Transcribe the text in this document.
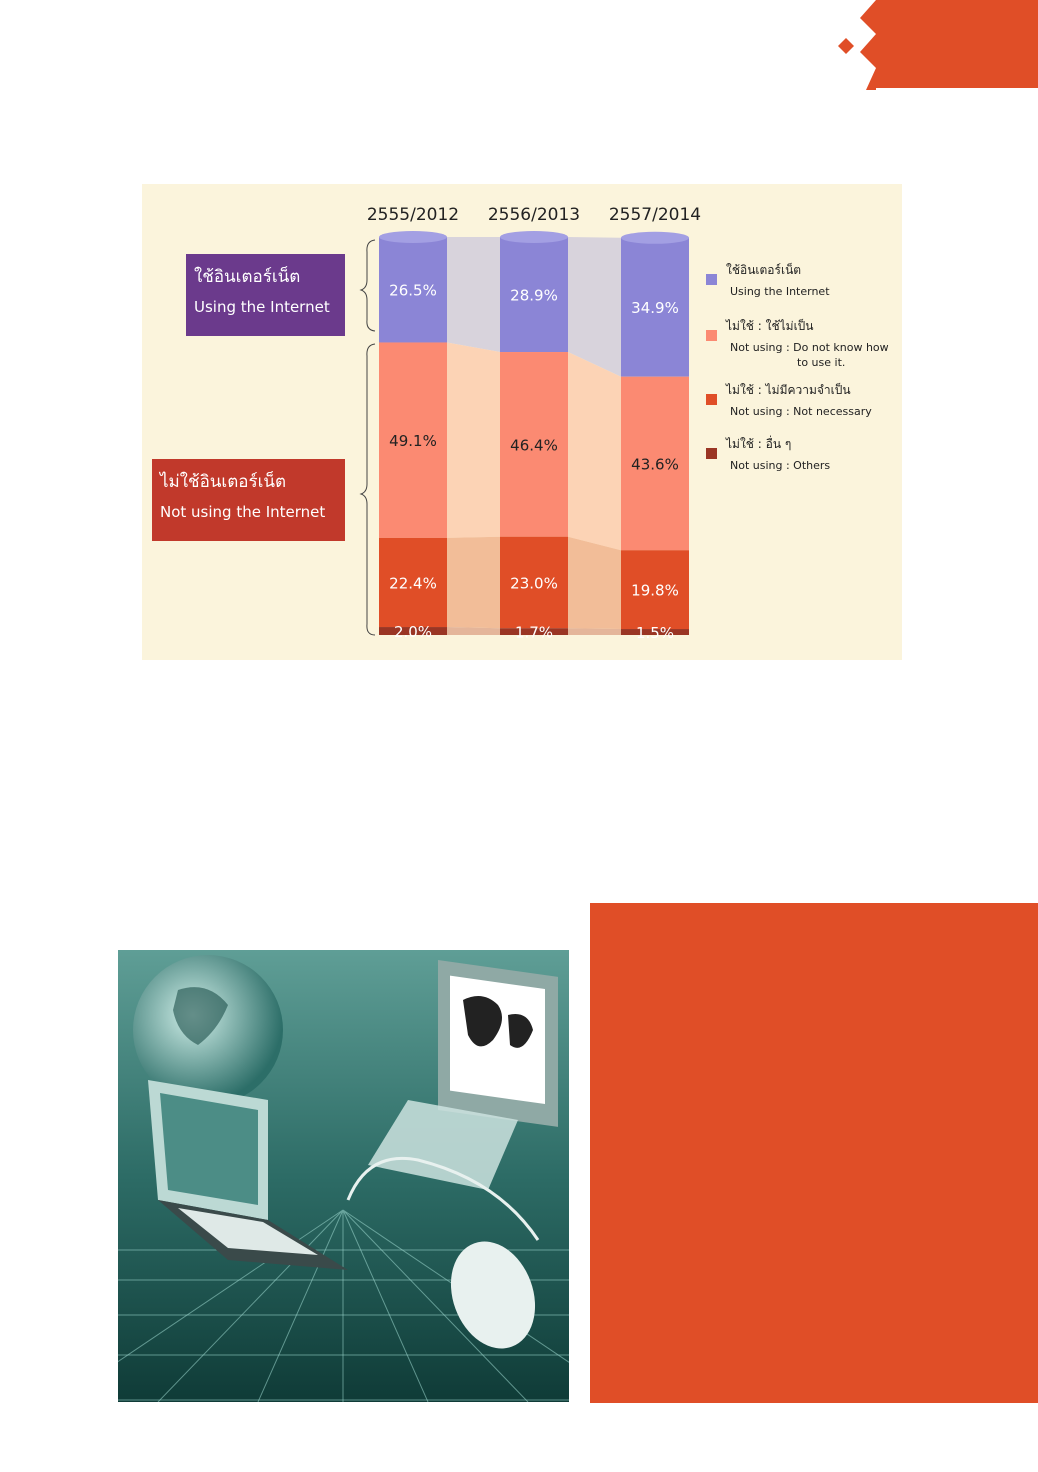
26.5%
49.1%
22.4%
2.0%
2555/2012
28.9%
46.4%
23.0%
1.7%
2556/2013
34.9%
43.6%
19.8%
1.5%
2557/2014
ใช้อินเตอร์เน็ต
Using the Internet
ไม่ใช้ : ใช้ไม่เป็น
Not using : Do not know how
to use it.
ไม่ใช้ : ไม่มีความจำเป็น
Not using : Not necessary
ไม่ใช้ : อื่น ๆ
Not using : Others
ใช้อินเตอร์เน็ต
Using the Internet
ไม่ใช้อินเตอร์เน็ต
Not using the Internet
